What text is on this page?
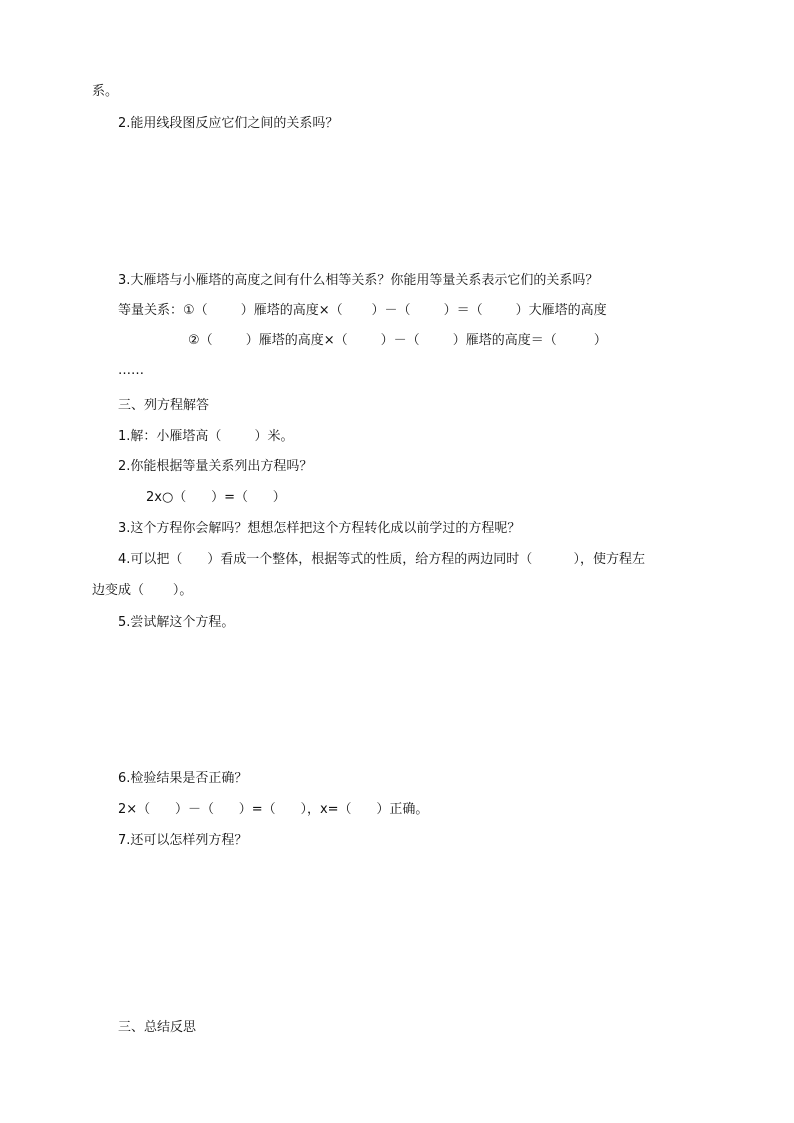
系。
2.能用线段图反应它们之间的关系吗？
3.大雁塔与小雁塔的高度之间有什么相等关系？你能用等量关系表示它们的关系吗？
等量关系：①（        ）雁塔的高度×（       ）－（        ）＝（        ）大雁塔的高度
②（        ）雁塔的高度×（        ）－（        ）雁塔的高度＝（         ）
……
三、列方程解答
1.解：小雁塔高（        ）米。
2.你能根据等量关系列出方程吗？
2x○（      ）=（      ）
3.这个方程你会解吗？想想怎样把这个方程转化成以前学过的方程呢？
4.可以把（      ）看成一个整体，根据等式的性质，给方程的两边同时（          ），使方程左
边变成（       ）。
5.尝试解这个方程。
6.检验结果是否正确？
2×（      ）－（      ）=（      ），x=（      ）正确。
7.还可以怎样列方程？
三、总结反思
